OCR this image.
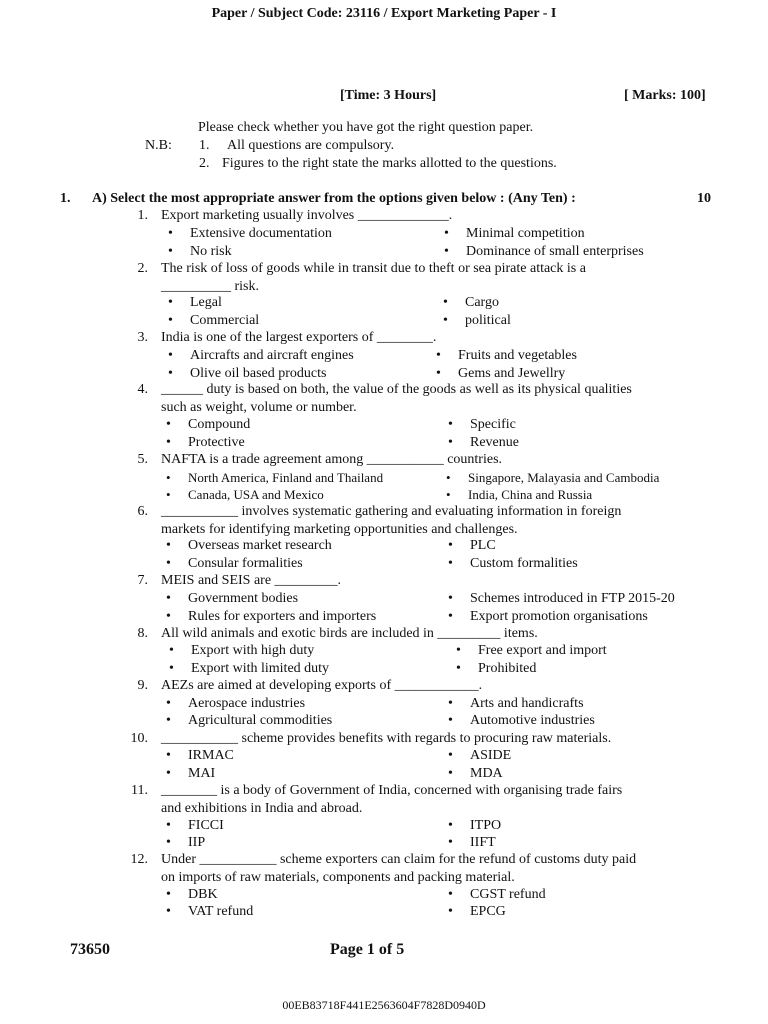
Paper / Subject Code: 23116 / Export Marketing Paper - I
[Time: 3 Hours]	[ Marks: 100]
Please check whether you have got the right question paper.
N.B: 1. All questions are compulsory.
2. Figures to the right state the marks allotted to the questions.
1. A) Select the most appropriate answer from the options given below : (Any Ten) :	10
1. Export marketing usually involves _____________.
• Extensive documentation	• Minimal competition
• No risk	• Dominance of small enterprises
2. The risk of loss of goods while in transit due to theft or sea pirate attack is a
__________ risk.
• Legal	• Cargo
• Commercial	• political
3. India is one of the largest exporters of ________.
• Aircrafts and aircraft engines	• Fruits and vegetables
• Olive oil based products	• Gems and Jewellry
4. ______ duty is based on both, the value of the goods as well as its physical qualities
such as weight, volume or number.
• Compound	• Specific
• Protective	• Revenue
5. NAFTA is a trade agreement among ___________ countries.
• North America, Finland and Thailand	• Singapore, Malayasia and Cambodia
• Canada, USA and Mexico	• India, China and Russia
6. ___________ involves systematic gathering and evaluating information in foreign
markets for identifying marketing opportunities and challenges.
• Overseas market research	• PLC
• Consular formalities	• Custom formalities
7. MEIS and SEIS are _________.
• Government bodies	• Schemes introduced in FTP 2015-20
• Rules for exporters and importers	• Export promotion organisations
8. All wild animals and exotic birds are included in _________ items.
• Export with high duty	• Free export and import
• Export with limited duty	• Prohibited
9. AEZs are aimed at developing exports of ____________.
• Aerospace industries	• Arts and handicrafts
• Agricultural commodities	• Automotive industries
10. ___________ scheme provides benefits with regards to procuring raw materials.
• IRMAC	• ASIDE
• MAI	• MDA
11. ________ is a body of Government of India, concerned with organising trade fairs
and exhibitions in India and abroad.
• FICCI	• ITPO
• IIP	• IIFT
12. Under ___________ scheme exporters can claim for the refund of customs duty paid
on imports of raw materials, components and packing material.
• DBK	• CGST refund
• VAT refund	• EPCG
73650	Page 1 of 5
00EB83718F441E2563604F7828D0940D
